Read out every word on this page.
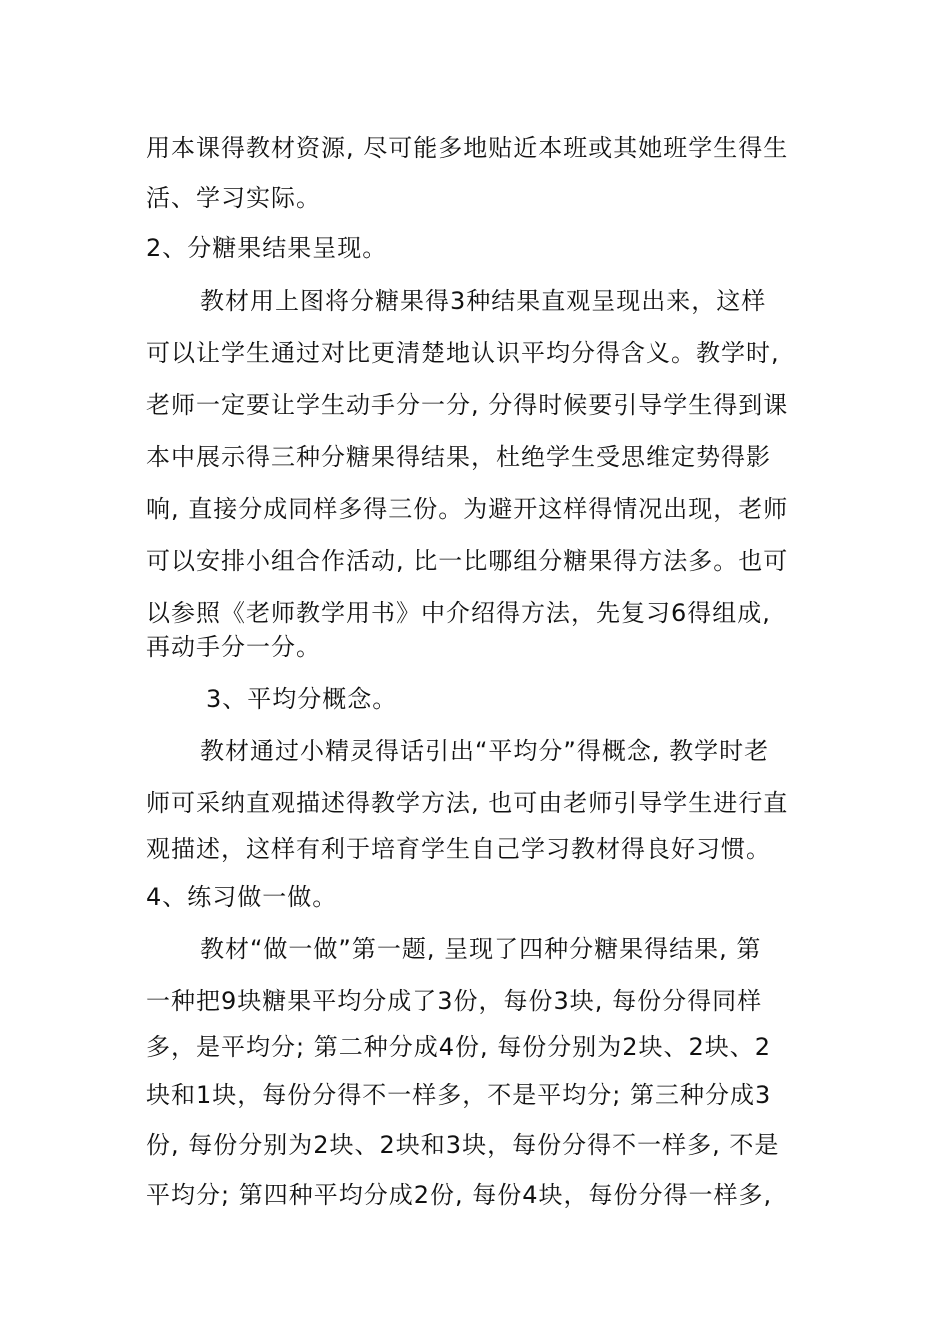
用本课得教材资源, 尽可能多地贴近本班或其她班学生得生
活、学习实际。
2、分糖果结果呈现。
教材用上图将分糖果得3种结果直观呈现出来，这样
可以让学生通过对比更清楚地认识平均分得含义。教学时,
老师一定要让学生动手分一分, 分得时候要引导学生得到课
本中展示得三种分糖果得结果，杜绝学生受思维定势得影
响, 直接分成同样多得三份。为避开这样得情况出现，老师
可以安排小组合作活动, 比一比哪组分糖果得方法多。也可
以参照《老师教学用书》中介绍得方法，先复习6得组成,
再动手分一分。
3、平均分概念。
教材通过小精灵得话引出“平均分”得概念, 教学时老
师可采纳直观描述得教学方法, 也可由老师引导学生进行直
观描述，这样有利于培育学生自己学习教材得良好习惯。
4、练习做一做。
教材“做一做”第一题, 呈现了四种分糖果得结果, 第
一种把9块糖果平均分成了3份，每份3块, 每份分得同样
多，是平均分; 第二种分成4份, 每份分别为2块、2块、2
块和1块，每份分得不一样多，不是平均分; 第三种分成3
份, 每份分别为2块、2块和3块，每份分得不一样多, 不是
平均分; 第四种平均分成2份, 每份4块，每份分得一样多,
